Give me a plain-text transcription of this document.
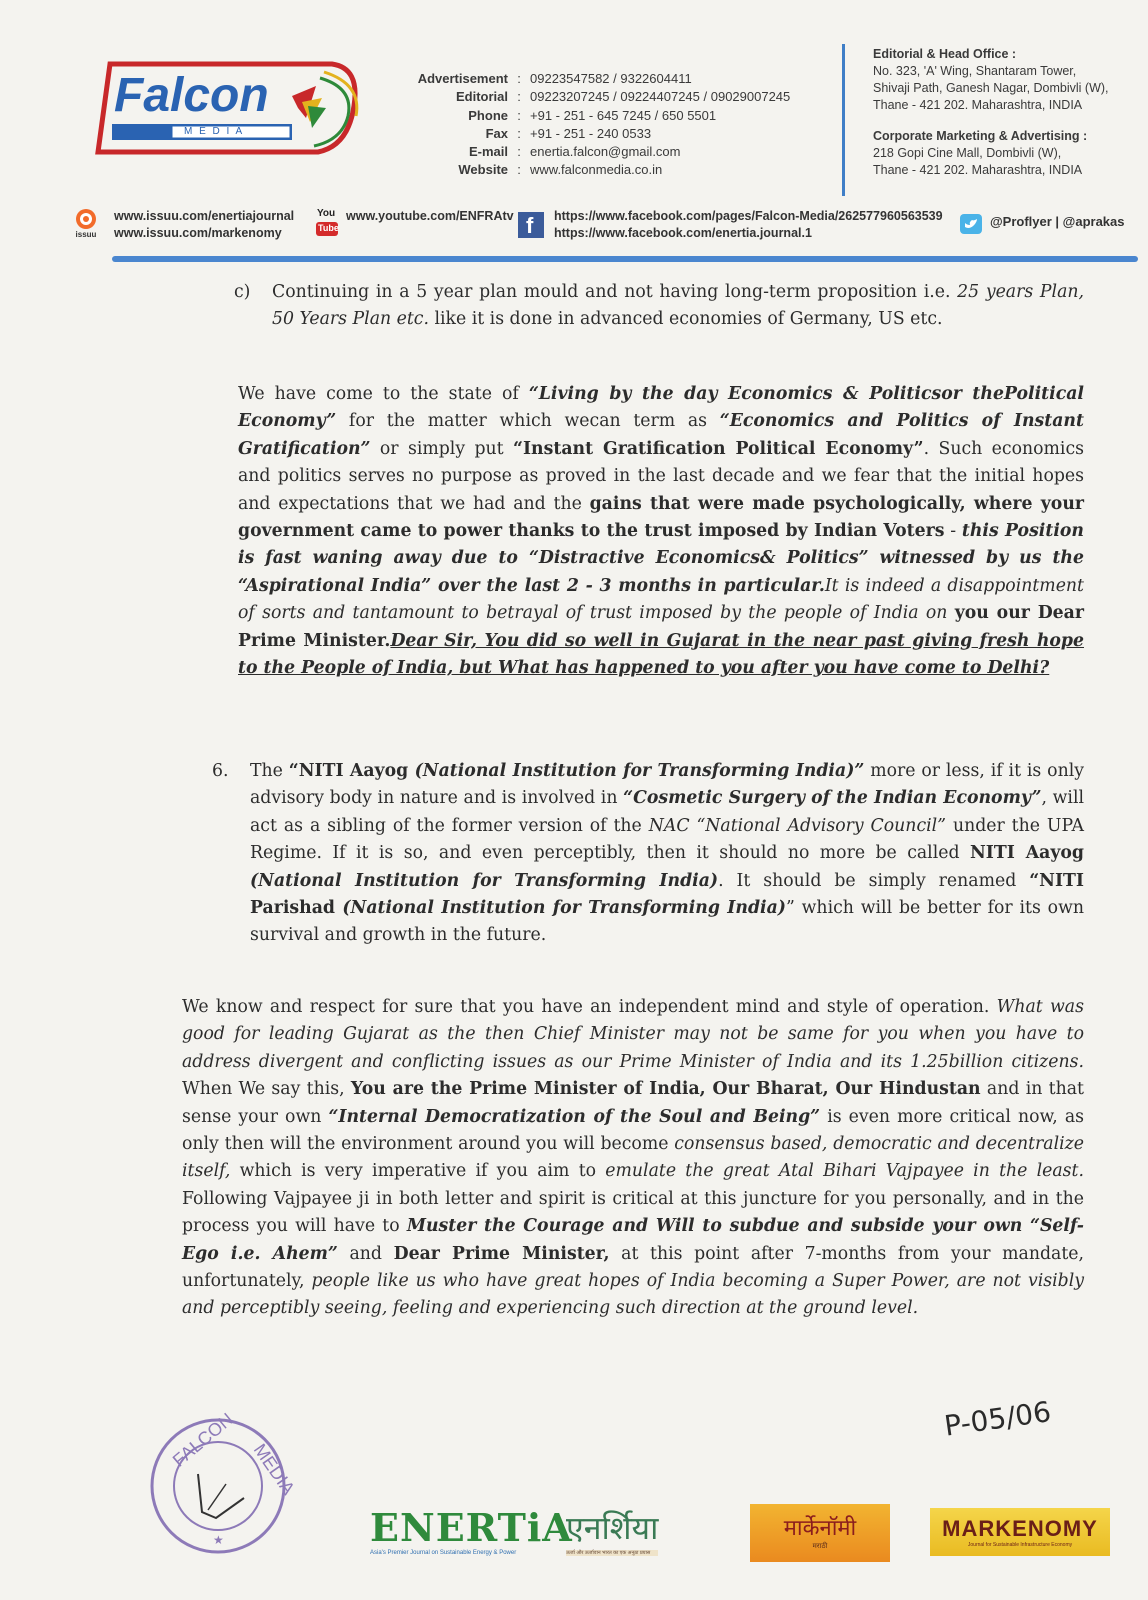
Falcon
M E D I A
Advertisement : 09223547582 / 9322604411
Editorial : 09223207245 / 09224407245 / 09029007245
Phone : +91 - 251 - 645 7245 / 650 5501
Fax : +91 - 251 - 240 0533
E-mail : enertia.falcon@gmail.com
Website : www.falconmedia.co.in
Editorial & Head Office :
No. 323, 'A' Wing, Shantaram Tower,
Shivaji Path, Ganesh Nagar, Dombivli (W),
Thane - 421 202. Maharashtra, INDIA
Corporate Marketing & Advertising :
218 Gopi Cine Mall, Dombivli (W),
Thane - 421 202. Maharashtra, INDIA
issuu
www.issuu.com/enertiajournal
www.issuu.com/markenomy
You
Tube
www.youtube.com/ENFRAtv f https://www.facebook.com/pages/Falcon-Media/262577960563539
https://www.facebook.com/enertia.journal.1
@Proflyer | @aprakas
c)	Continuing in a 5 year plan mould and not having long-term proposition i.e. 25 years Plan, 50 Years Plan etc. like it is done in advanced economies of Germany, US etc.
We have come to the state of “Living by the day Economics & Politicsor thePolitical Economy” for the matter which wecan term as “Economics and Politics of Instant Gratification” or simply put “Instant Gratification Political Economy”. Such economics and politics serves no purpose as proved in the last decade and we fear that the initial hopes and expectations that we had and the gains that were made psychologically, where your government came to power thanks to the trust imposed by Indian Voters - this Position is fast waning away due to “Distractive Economics& Politics” witnessed by us the “Aspirational India” over the last 2 - 3 months in particular.It is indeed a disappointment of sorts and tantamount to betrayal of trust imposed by the people of India on you our Dear Prime Minister.Dear Sir, You did so well in Gujarat in the near past giving fresh hope to the People of India, but What has happened to you after you have come to Delhi?
6.	The “NITI Aayog (National Institution for Transforming India)” more or less, if it is only advisory body in nature and is involved in “Cosmetic Surgery of the Indian Economy”, will act as a sibling of the former version of the NAC “National Advisory Council” under the UPA Regime. If it is so, and even perceptibly, then it should no more be called NITI Aayog (National Institution for Transforming India). It should be simply renamed “NITI Parishad (National Institution for Transforming India)” which will be better for its own survival and growth in the future.
We know and respect for sure that you have an independent mind and style of operation. What was good for leading Gujarat as the then Chief Minister may not be same for you when you have to address divergent and conflicting issues as our Prime Minister of India and its 1.25billion citizens. When We say this, You are the Prime Minister of India, Our Bharat, Our Hindustan and in that sense your own “Internal Democratization of the Soul and Being” is even more critical now, as only then will the environment around you will become consensus based, democratic and decentralize itself, which is very imperative if you aim to emulate the great Atal Bihari Vajpayee in the least. Following Vajpayee ji in both letter and spirit is critical at this juncture for you personally, and in the process you will have to Muster the Courage and Will to subdue and subside your own “Self-Ego i.e. Ahem” and Dear Prime Minister, at this point after 7-months from your mandate, unfortunately, people like us who have great hopes of India becoming a Super Power, are not visibly and perceptibly seeing, feeling and experiencing such direction at the ground level.
P-05/06
FALCON MEDIA
★	ENERTiA
Asia's Premier Journal on Sustainable Energy & Power
एनर्शिया
ऊर्जा और ऊर्जावान भारत का एक अनूठा प्रयास
मार्केनॉमी
मराठी
MARKENOMY
Journal for Sustainable Infrastructure Economy
